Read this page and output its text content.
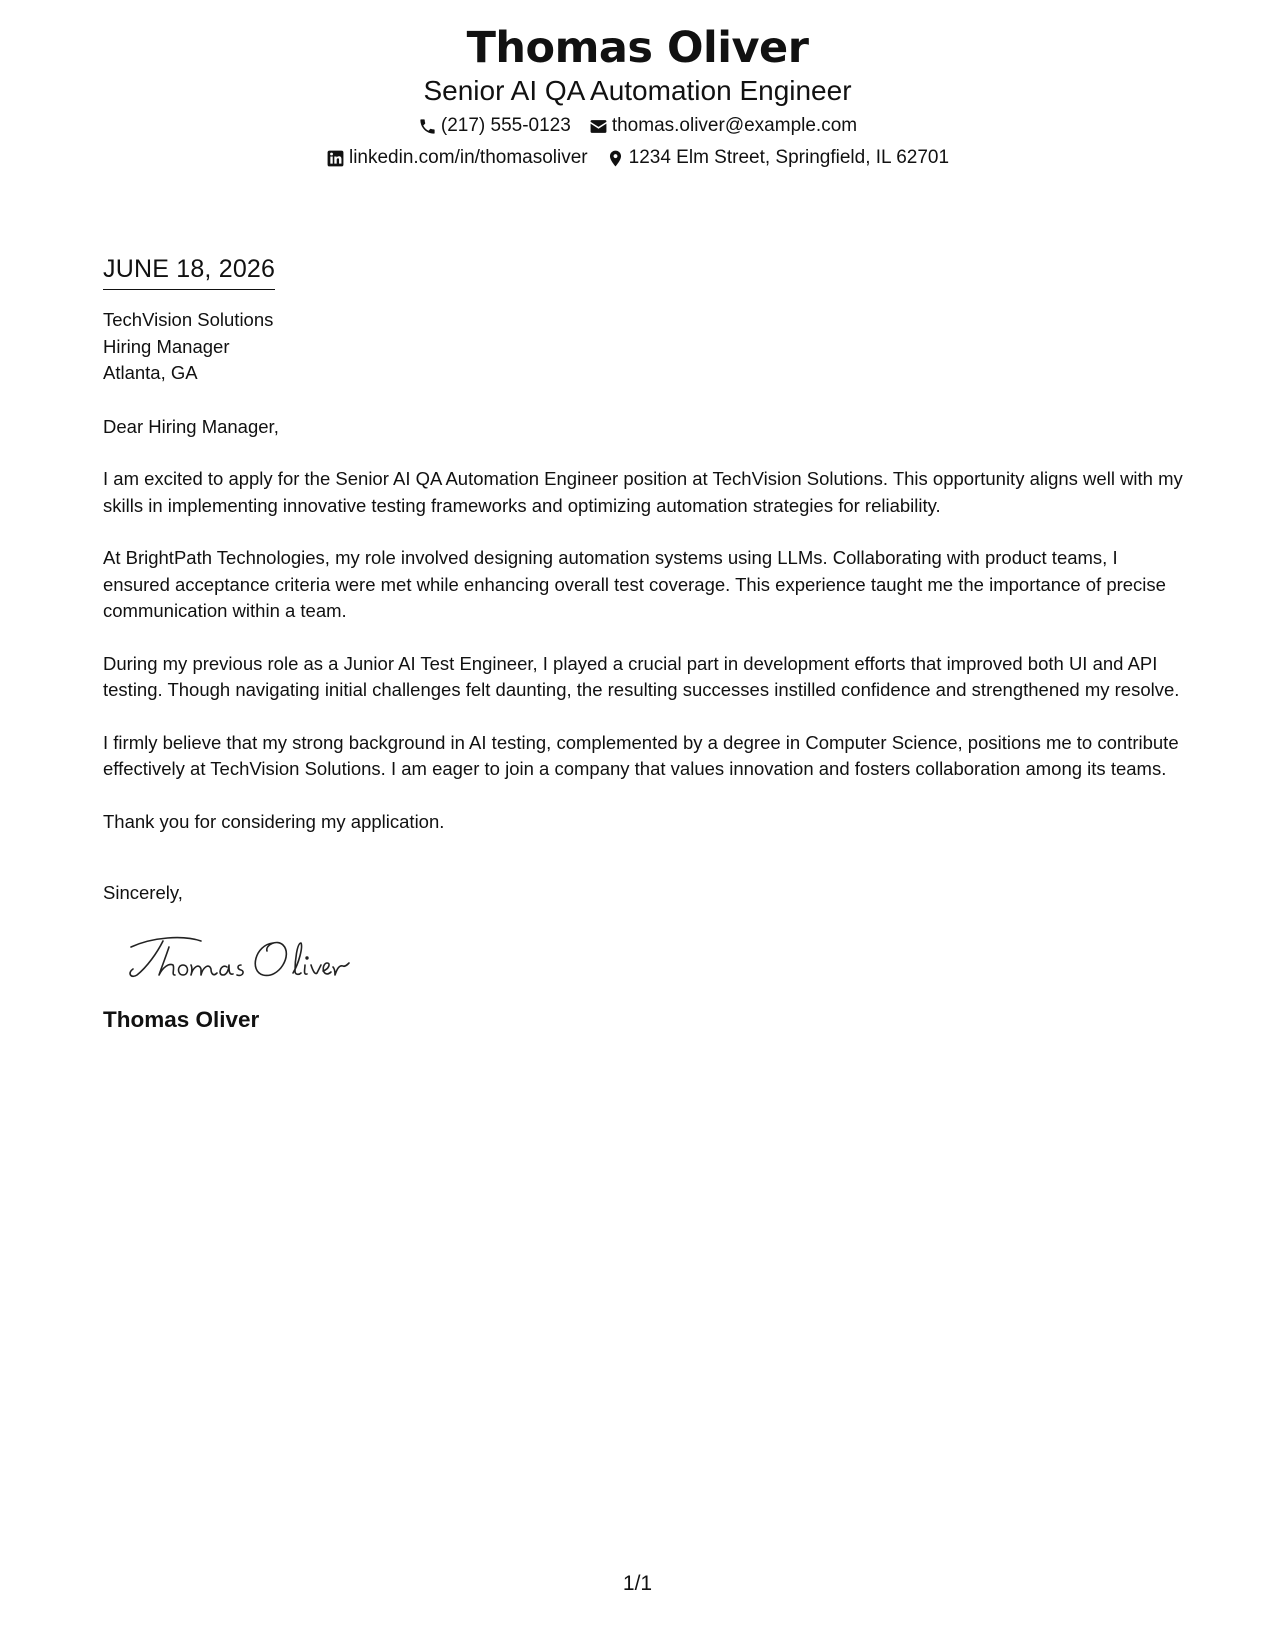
Thomas Oliver
Senior AI QA Automation Engineer
(217) 555-0123 thomas.oliver@example.com
linkedin.com/in/thomasoliver 1234 Elm Street, Springfield, IL 62701
JUNE 18, 2026
TechVision Solutions
Hiring Manager
Atlanta, GA
Dear Hiring Manager,
I am excited to apply for the Senior AI QA Automation Engineer position at TechVision Solutions. This opportunity aligns well with my skills in implementing innovative testing frameworks and optimizing automation strategies for reliability.
At BrightPath Technologies, my role involved designing automation systems using LLMs. Collaborating with product teams, I ensured acceptance criteria were met while enhancing overall test coverage. This experience taught me the importance of precise communication within a team.
During my previous role as a Junior AI Test Engineer, I played a crucial part in development efforts that improved both UI and API testing. Though navigating initial challenges felt daunting, the resulting successes instilled confidence and strengthened my resolve.
I firmly believe that my strong background in AI testing, complemented by a degree in Computer Science, positions me to contribute effectively at TechVision Solutions. I am eager to join a company that values innovation and fosters collaboration among its teams.
Thank you for considering my application.
Sincerely,
Thomas Oliver
1/1
